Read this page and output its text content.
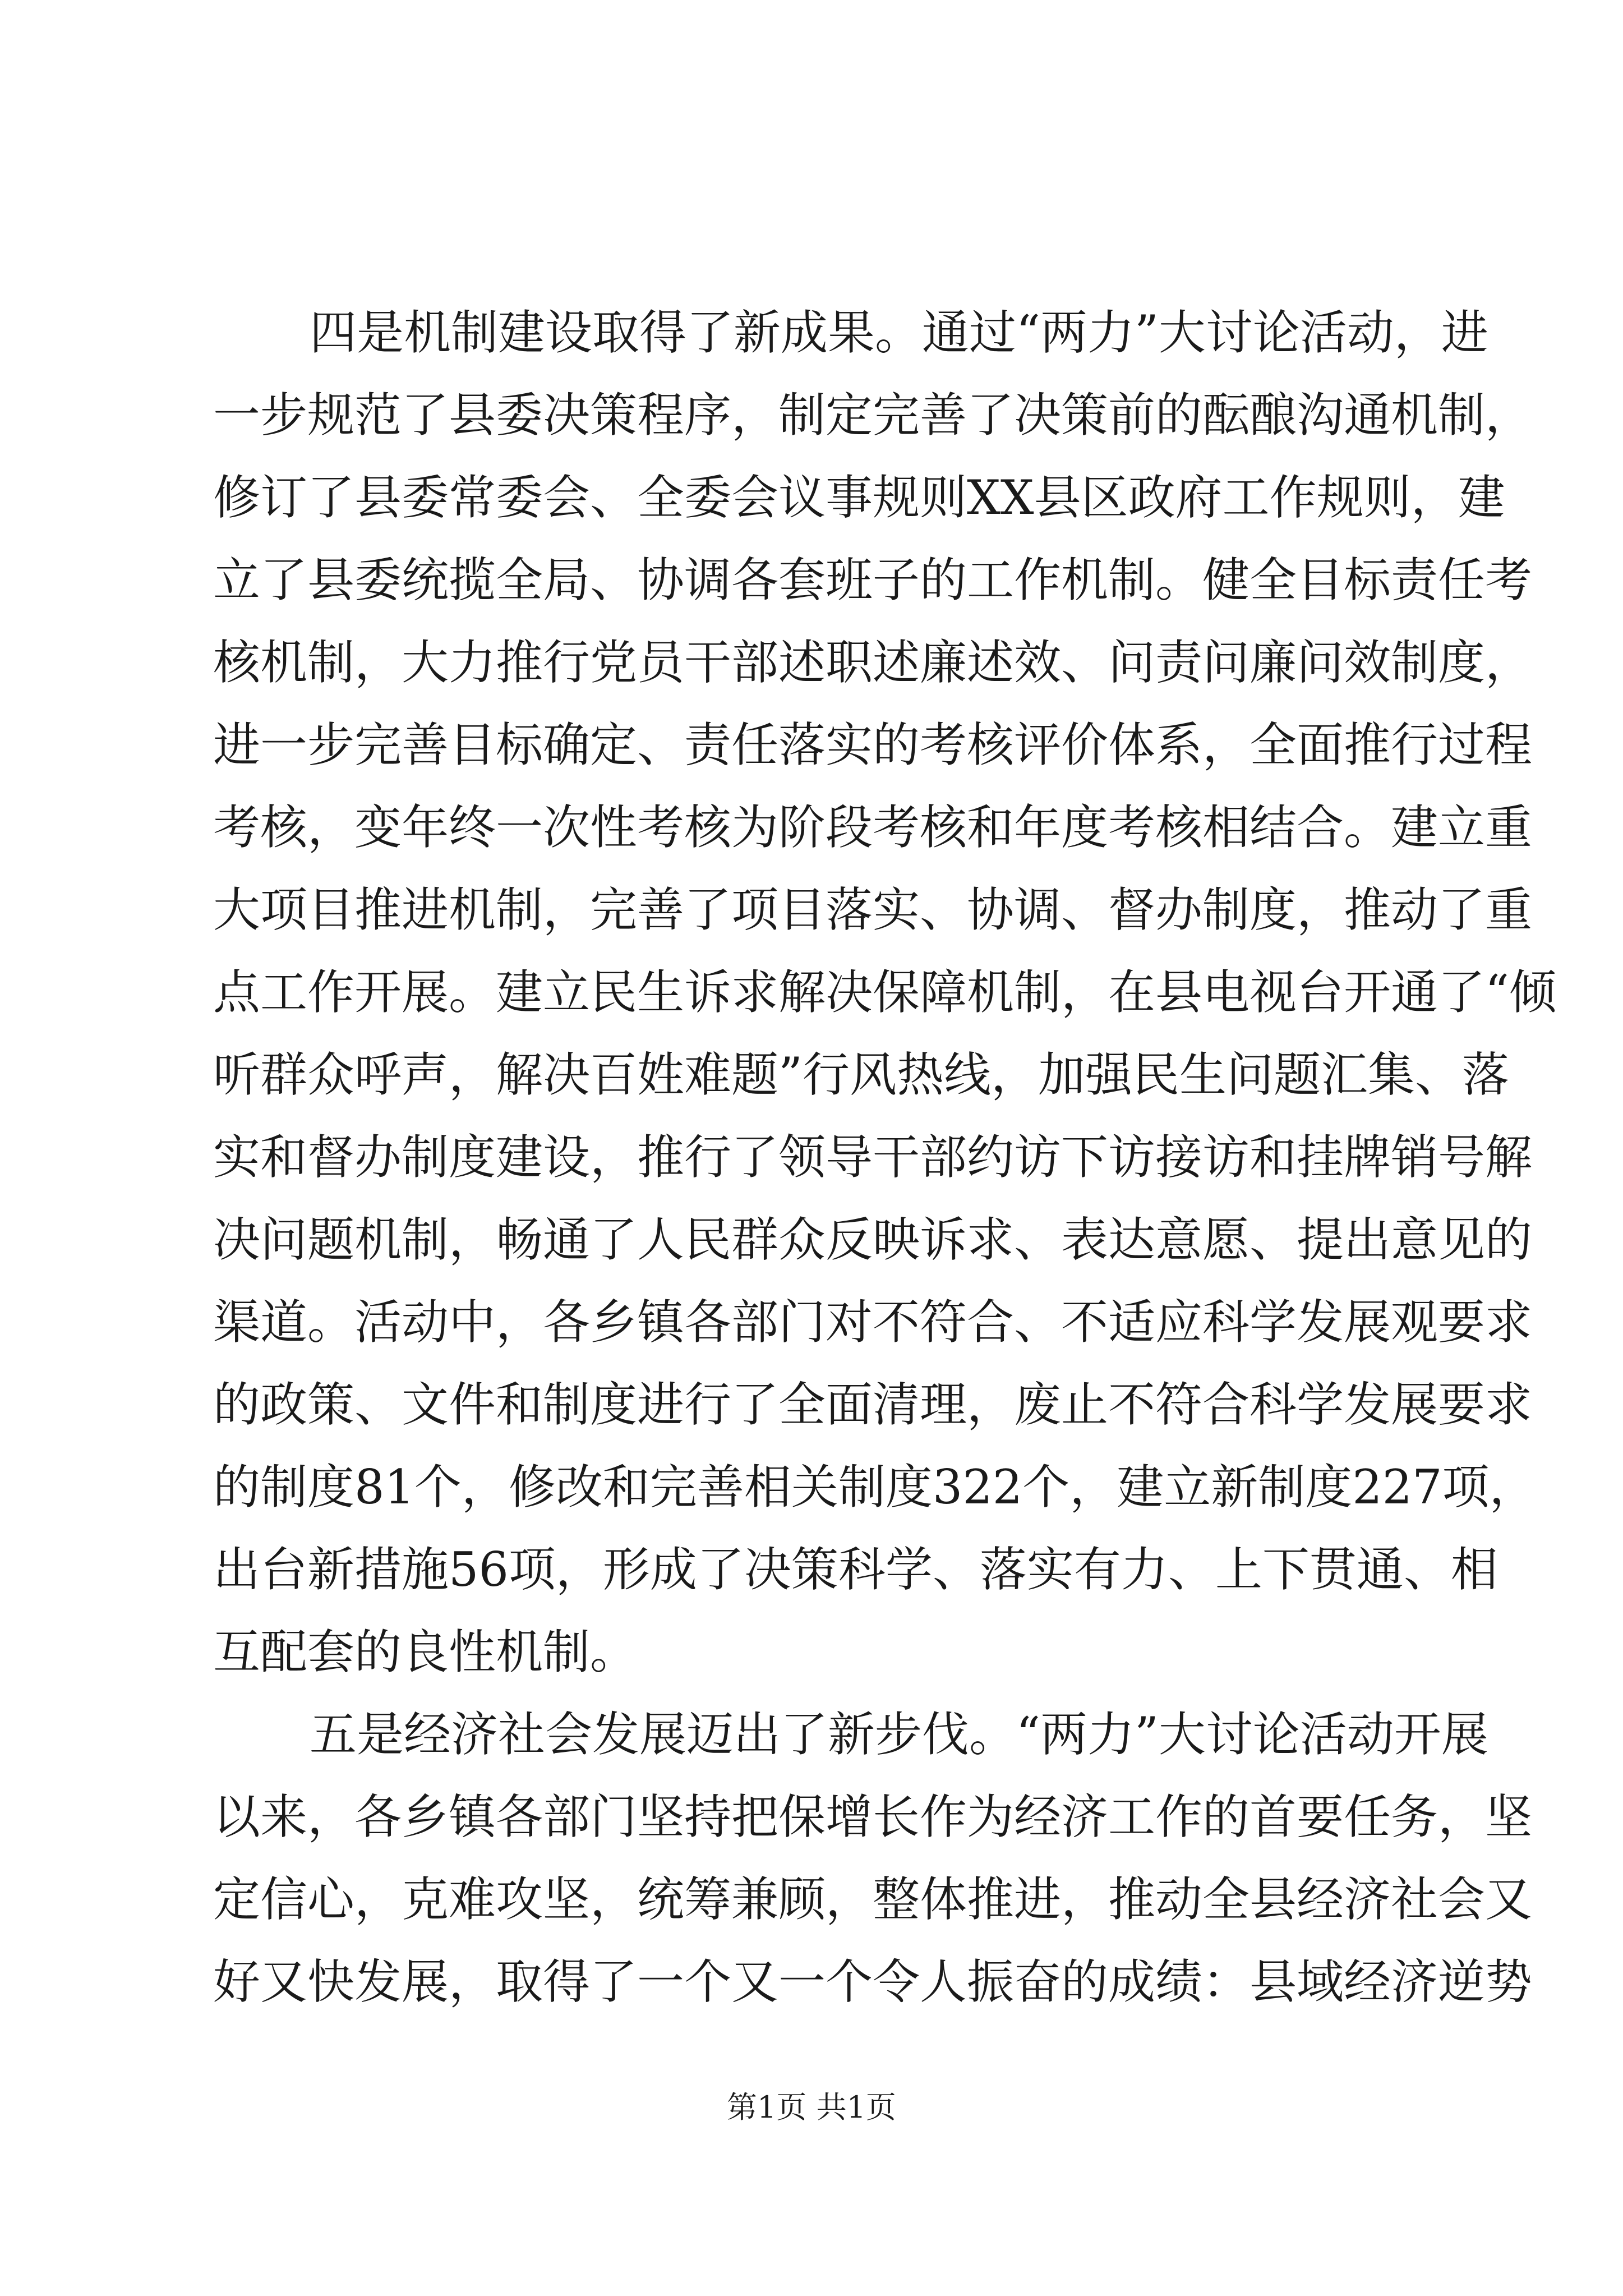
四是机制建设取得了新成果。通过“两力”大讨论活动，进
一步规范了县委决策程序，制定完善了决策前的酝酿沟通机制，
修订了县委常委会、全委会议事规则XX县区政府工作规则，建
立了县委统揽全局、协调各套班子的工作机制。健全目标责任考
核机制，大力推行党员干部述职述廉述效、问责问廉问效制度，
进一步完善目标确定、责任落实的考核评价体系，全面推行过程
考核，变年终一次性考核为阶段考核和年度考核相结合。建立重
大项目推进机制，完善了项目落实、协调、督办制度，推动了重
点工作开展。建立民生诉求解决保障机制，在县电视台开通了“倾
听群众呼声，解决百姓难题”行风热线，加强民生问题汇集、落
实和督办制度建设，推行了领导干部约访下访接访和挂牌销号解
决问题机制，畅通了人民群众反映诉求、表达意愿、提出意见的
渠道。活动中，各乡镇各部门对不符合、不适应科学发展观要求
的政策、文件和制度进行了全面清理，废止不符合科学发展要求
的制度81个，修改和完善相关制度322个，建立新制度227项，
出台新措施56项，形成了决策科学、落实有力、上下贯通、相
互配套的良性机制。
五是经济社会发展迈出了新步伐。“两力”大讨论活动开展
以来，各乡镇各部门坚持把保增长作为经济工作的首要任务，坚
定信心，克难攻坚，统筹兼顾，整体推进，推动全县经济社会又
好又快发展，取得了一个又一个令人振奋的成绩：县域经济逆势
第1页 共1页
